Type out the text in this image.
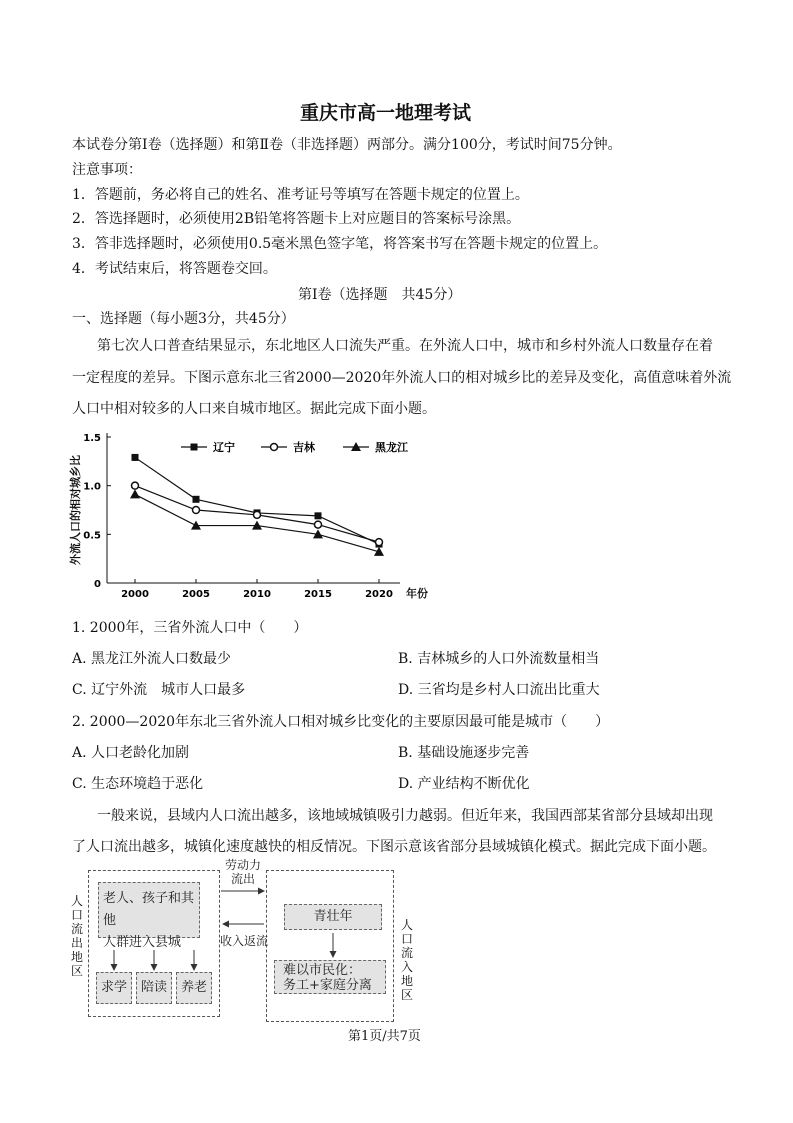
重庆市高一地理考试
本试卷分第Ⅰ卷（选择题）和第Ⅱ卷（非选择题）两部分。满分100分，考试时间75分钟。
注意事项：
1．答题前，务必将自己的姓名、准考证号等填写在答题卡规定的位置上。
2．答选择题时，必须使用2B铅笔将答题卡上对应题目的答案标号涂黑。
3．答非选择题时，必须使用0.5毫米黑色签字笔，将答案书写在答题卡规定的位置上。
4．考试结束后，将答题卷交回。
第Ⅰ卷（选择题　共45分）
一、选择题（每小题3分，共45分）
第七次人口普查结果显示，东北地区人口流失严重。在外流人口中，城市和乡村外流人口数量存在着
一定程度的差异。下图示意东北三省2000—2020年外流人口的相对城乡比的差异及变化，高值意味着外流
人口中相对较多的人口来自城市地区。据此完成下面小题。
1.5
1.0
0.5
0
2000	2005	2010	2015	2020
辽宁	吉林	黑龙江
外流人口的相对城乡比
年份
1. 2000年，三省外流人口中（　　）
A. 黑龙江外流人口数最少	B. 吉林城乡的人口外流数量相当
C. 辽宁外流　城市人口最多	D. 三省均是乡村人口流出比重大
2. 2000—2020年东北三省外流人口相对城乡比变化的主要原因最可能是城市（　　）
A. 人口老龄化加剧	B. 基础设施逐步完善
C. 生态环境趋于恶化	D. 产业结构不断优化
一般来说，县域内人口流出越多，该地域城镇吸引力越弱。但近年来，我国西部某省部分县域却出现
了人口流出越多，城镇化速度越快的相反情况。下图示意该省部分县域城镇化模式。据此完成下面小题。
人口流出地区
老人、孩子和其他
人群进入县城
求学	陪读	养老
人口流入地区
青壮年
难以市民化：
务工+家庭分离
劳动力
流出
收入返流
第1页/共7页
